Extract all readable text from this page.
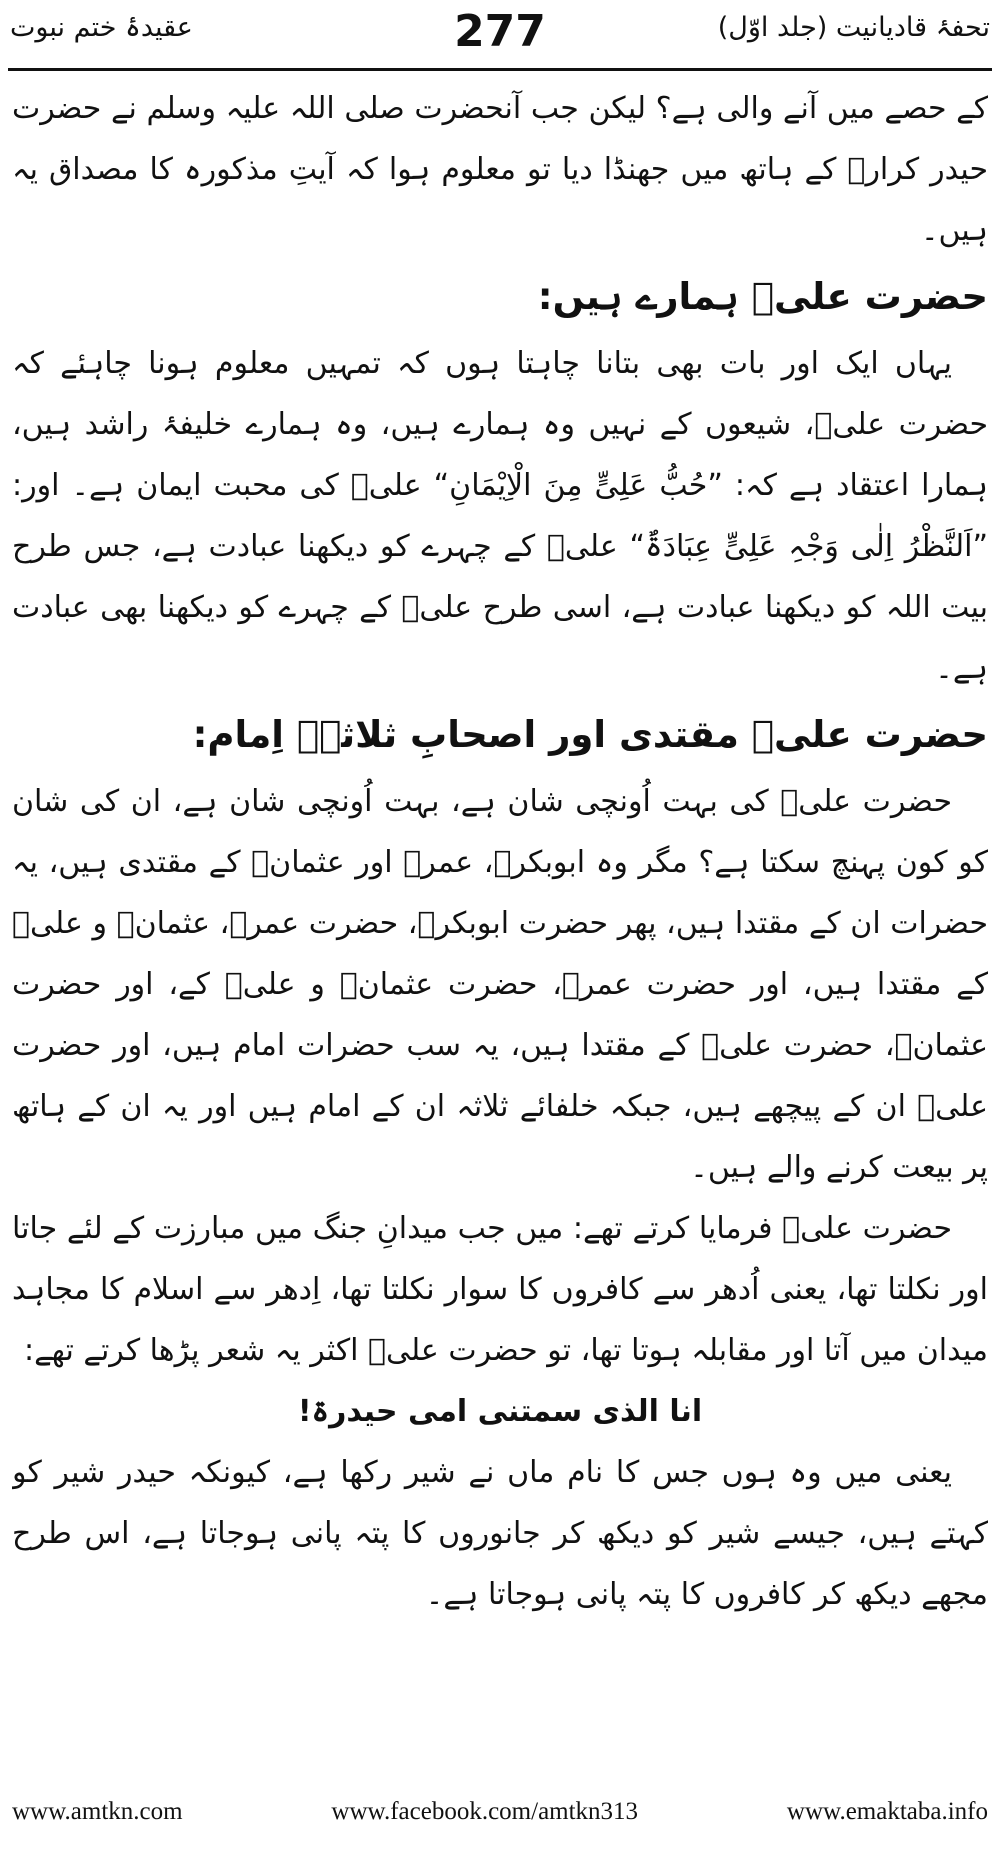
عقیدۂ ختم نبوت	277	تحفۂ قادیانیت (جلد اوّل)

کے حصے میں آنے والی ہے؟ لیکن جب آنحضرت صلی اللہ علیہ وسلم نے حضرت حیدر کرارؓ کے ہاتھ میں جھنڈا دیا تو معلوم ہوا کہ آیتِ مذکورہ کا مصداق یہ ہیں۔

حضرت علیؓ ہمارے ہیں:

یہاں ایک اور بات بھی بتانا چاہتا ہوں کہ تمہیں معلوم ہونا چاہئے کہ حضرت علیؓ، شیعوں کے نہیں وہ ہمارے ہیں، وہ ہمارے خلیفۂ راشد ہیں، ہمارا اعتقاد ہے کہ: ”حُبُّ عَلِیٍّ مِنَ الْاِیْمَانِ“ علیؓ کی محبت ایمان ہے۔ اور: ”اَلنَّظْرُ اِلٰی وَجْہِ عَلِیٍّ عِبَادَۃٌ“ علیؓ کے چہرے کو دیکھنا عبادت ہے، جس طرح بیت اللہ کو دیکھنا عبادت ہے، اسی طرح علیؓ کے چہرے کو دیکھنا بھی عبادت ہے۔

حضرت علیؓ مقتدی اور اصحابِ ثلاثہؓ اِمام:

حضرت علیؓ کی بہت اُونچی شان ہے، بہت اُونچی شان ہے، ان کی شان کو کون پہنچ سکتا ہے؟ مگر وہ ابوبکرؓ، عمرؓ اور عثمانؓ کے مقتدی ہیں، یہ حضرات ان کے مقتدا ہیں، پھر حضرت ابوبکرؓ، حضرت عمرؓ، عثمانؓ و علیؓ کے مقتدا ہیں، اور حضرت عمرؓ، حضرت عثمانؓ و علیؓ کے، اور حضرت عثمانؓ، حضرت علیؓ کے مقتدا ہیں، یہ سب حضرات امام ہیں، اور حضرت علیؓ ان کے پیچھے ہیں، جبکہ خلفائے ثلاثہ ان کے امام ہیں اور یہ ان کے ہاتھ پر بیعت کرنے والے ہیں۔

حضرت علیؓ فرمایا کرتے تھے: میں جب میدانِ جنگ میں مبارزت کے لئے جاتا اور نکلتا تھا، یعنی اُدھر سے کافروں کا سوار نکلتا تھا، اِدھر سے اسلام کا مجاہد میدان میں آتا اور مقابلہ ہوتا تھا، تو حضرت علیؓ اکثر یہ شعر پڑھا کرتے تھے:

انا الذی سمتنی امی حیدرۃ!

یعنی میں وہ ہوں جس کا نام ماں نے شیر رکھا ہے، کیونکہ حیدر شیر کو کہتے ہیں، جیسے شیر کو دیکھ کر جانوروں کا پتہ پانی ہوجاتا ہے، اس طرح مجھے دیکھ کر کافروں کا پتہ پانی ہوجاتا ہے۔

www.amtkn.com	www.facebook.com/amtkn313	www.emaktaba.info
